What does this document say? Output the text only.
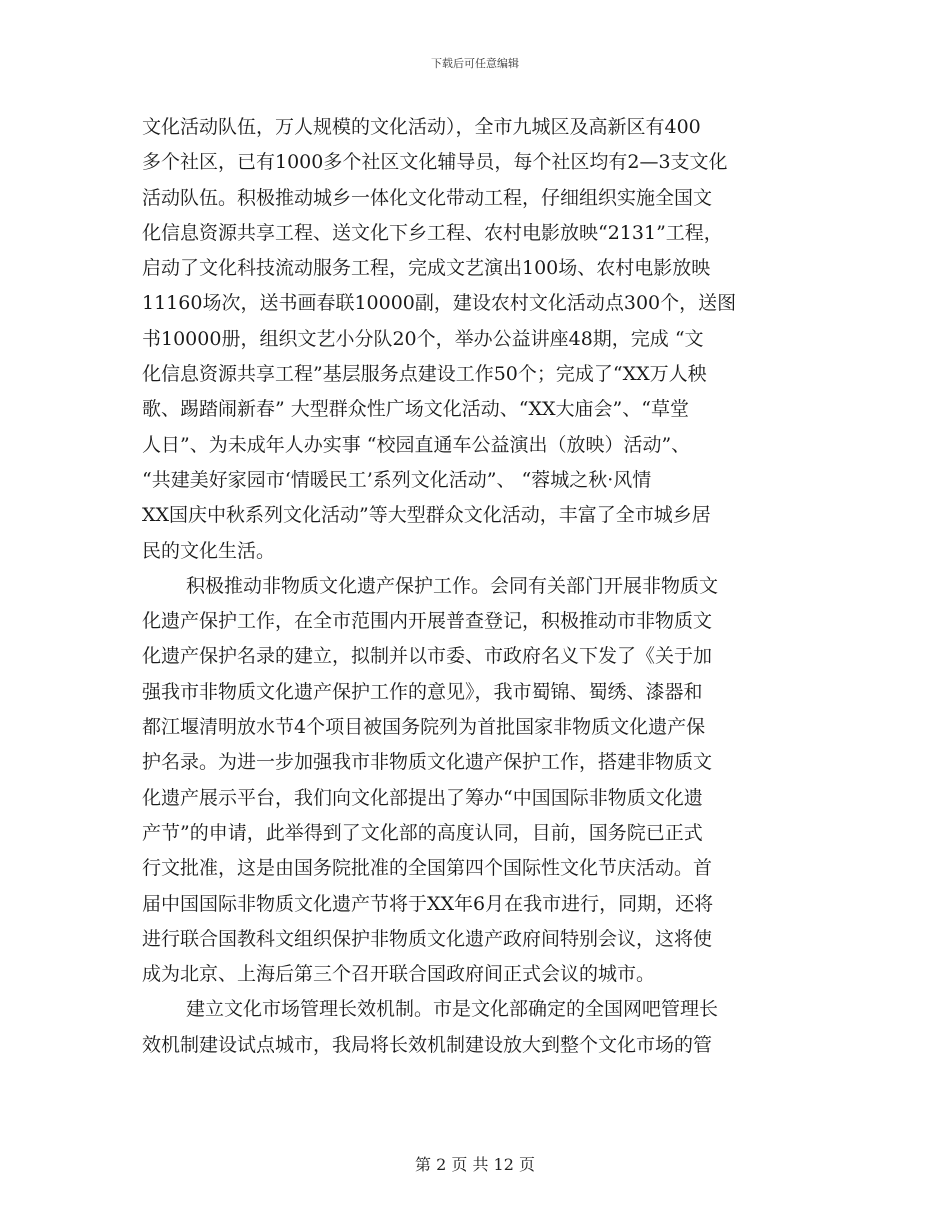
下载后可任意编辑
文化活动队伍，万人规模的文化活动），全市九城区及高新区有400
多个社区，已有1000多个社区文化辅导员，每个社区均有2—3支文化
活动队伍。积极推动城乡一体化文化带动工程，仔细组织实施全国文
化信息资源共享工程、送文化下乡工程、农村电影放映“2131”工程，
启动了文化科技流动服务工程，完成文艺演出100场、农村电影放映
11160场次，送书画春联10000副，建设农村文化活动点300个，送图
书10000册，组织文艺小分队20个，举办公益讲座48期，完成 “文
化信息资源共享工程”基层服务点建设工作50个；完成了“XX万人秧
歌、踢踏闹新春” 大型群众性广场文化活动、“XX大庙会”、“草堂
人日”、为未成年人办实事 “校园直通车公益演出（放映）活动”、
“共建美好家园市‘情暖民工’系列文化活动”、 “蓉城之秋·风情
XX国庆中秋系列文化活动”等大型群众文化活动，丰富了全市城乡居
民的文化生活。
积极推动非物质文化遗产保护工作。会同有关部门开展非物质文
化遗产保护工作，在全市范围内开展普查登记，积极推动市非物质文
化遗产保护名录的建立，拟制并以市委、市政府名义下发了《关于加
强我市非物质文化遗产保护工作的意见》，我市蜀锦、蜀绣、漆器和
都江堰清明放水节4个项目被国务院列为首批国家非物质文化遗产保
护名录。为进一步加强我市非物质文化遗产保护工作，搭建非物质文
化遗产展示平台，我们向文化部提出了筹办“中国国际非物质文化遗
产节”的申请，此举得到了文化部的高度认同，目前，国务院已正式
行文批准，这是由国务院批准的全国第四个国际性文化节庆活动。首
届中国国际非物质文化遗产节将于XX年6月在我市进行，同期，还将
进行联合国教科文组织保护非物质文化遗产政府间特别会议，这将使
成为北京、上海后第三个召开联合国政府间正式会议的城市。
建立文化市场管理长效机制。市是文化部确定的全国网吧管理长
效机制建设试点城市，我局将长效机制建设放大到整个文化市场的管
第 2 页 共 12 页
